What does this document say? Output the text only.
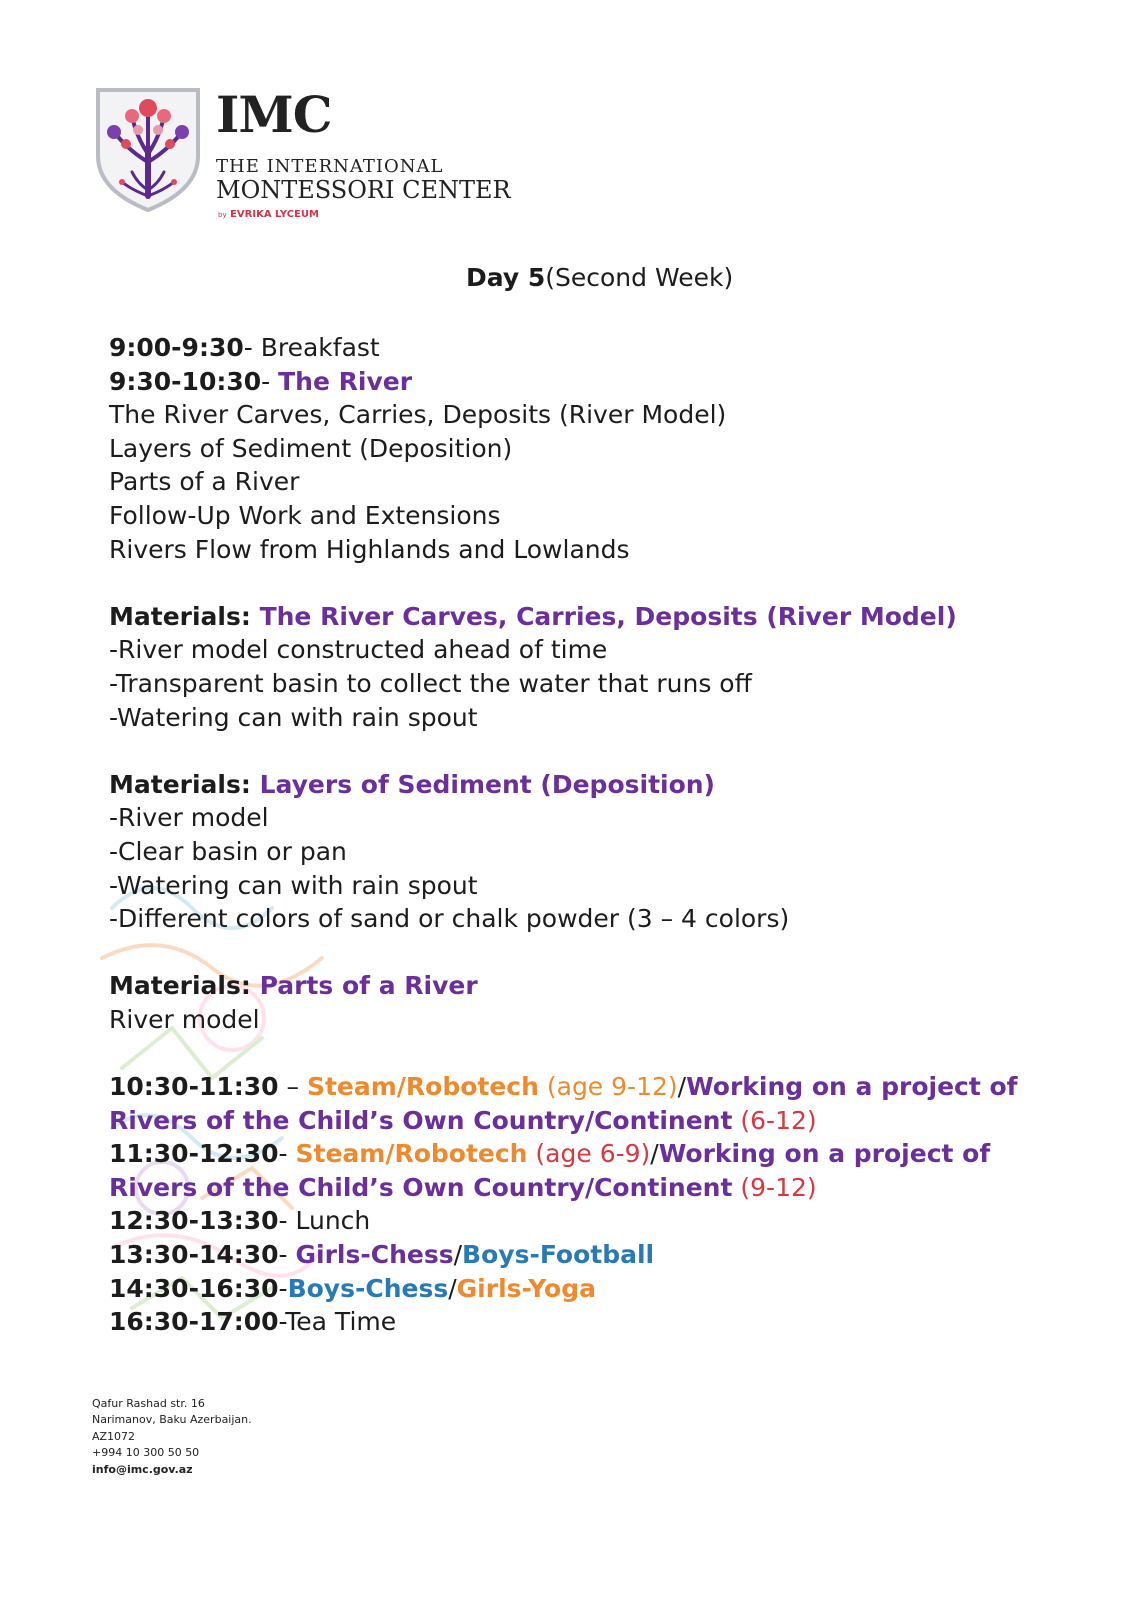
IMC
THE INTERNATIONAL
MONTESSORI CENTER
by EVRIKA LYCEUM
Day 5(Second Week)

9:00-9:30- Breakfast

9:30-10:30- The River

The River Carves, Carries, Deposits (River Model)

Layers of Sediment (Deposition)

Parts of a River

Follow-Up Work and Extensions

Rivers Flow from Highlands and Lowlands

Materials: The River Carves, Carries, Deposits (River Model)

-River model constructed ahead of time

-Transparent basin to collect the water that runs off

-Watering can with rain spout

Materials: Layers of Sediment (Deposition)

-River model

-Clear basin or pan

-Watering can with rain spout

-Different colors of sand or chalk powder (3 – 4 colors)

Materials: Parts of a River

River model

10:30-11:30 – Steam/Robotech (age 9-12)/Working on a project of

Rivers of the Child’s Own Country/Continent (6-12)

11:30-12:30- Steam/Robotech (age 6-9)/Working on a project of

Rivers of the Child’s Own Country/Continent (9-12)

12:30-13:30- Lunch

13:30-14:30- Girls-Chess/Boys-Football

14:30-16:30-Boys-Chess/Girls-Yoga

16:30-17:00-Tea Time

Qafur Rashad str. 16
Narimanov, Baku Azerbaijan.
AZ1072
+994 10 300 50 50
info@imc.gov.az
